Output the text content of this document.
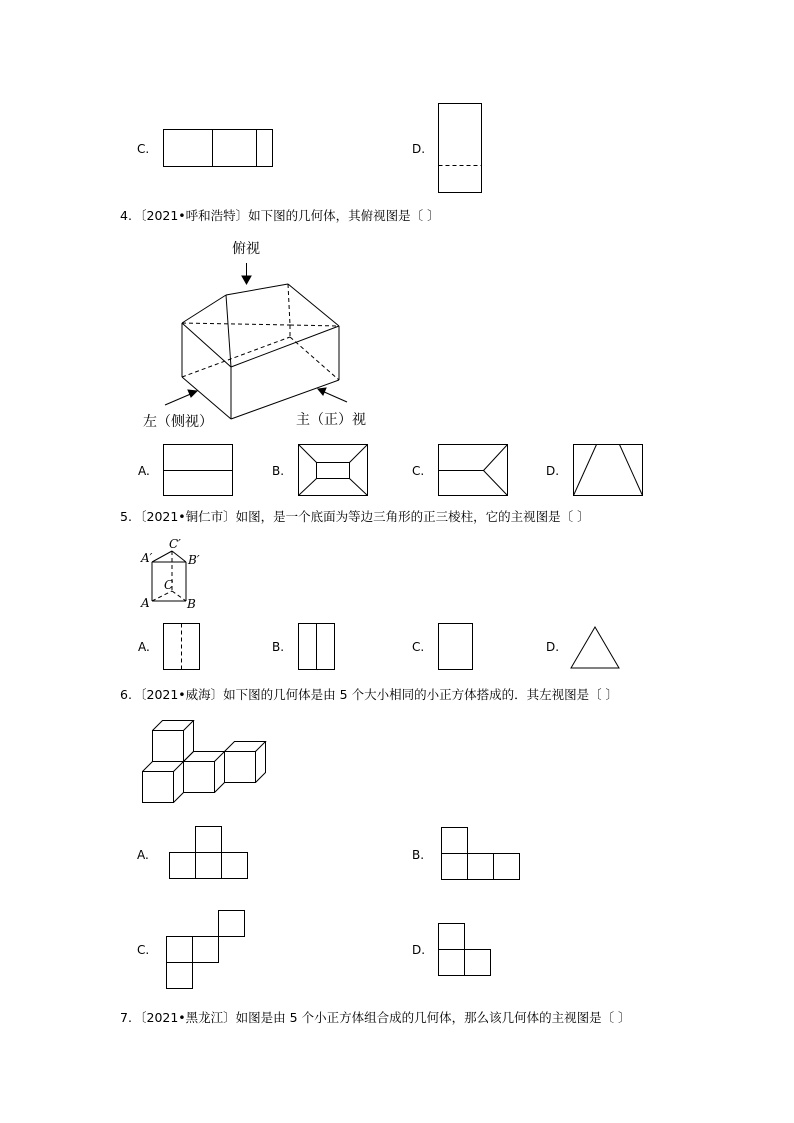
C.	D.
4. 〔2021•呼和浩特〕如下图的几何体，其俯视图是〔 〕
俯视
左（侧视）	主（正）视
A.	B.	C.	D.
5. 〔2021•铜仁市〕如图，是一个底面为等边三角形的正三棱柱，它的主视图是〔 〕
A′
C′
B′
C
A	B
A.	B.	C.	D.
6. 〔2021•威海〕如下图的几何体是由 5 个大小相同的小正方体搭成的．其左视图是〔 〕
A.	B.
C.	D.
7. 〔2021•黑龙江〕如图是由 5 个小正方体组合成的几何体，那么该几何体的主视图是〔 〕
